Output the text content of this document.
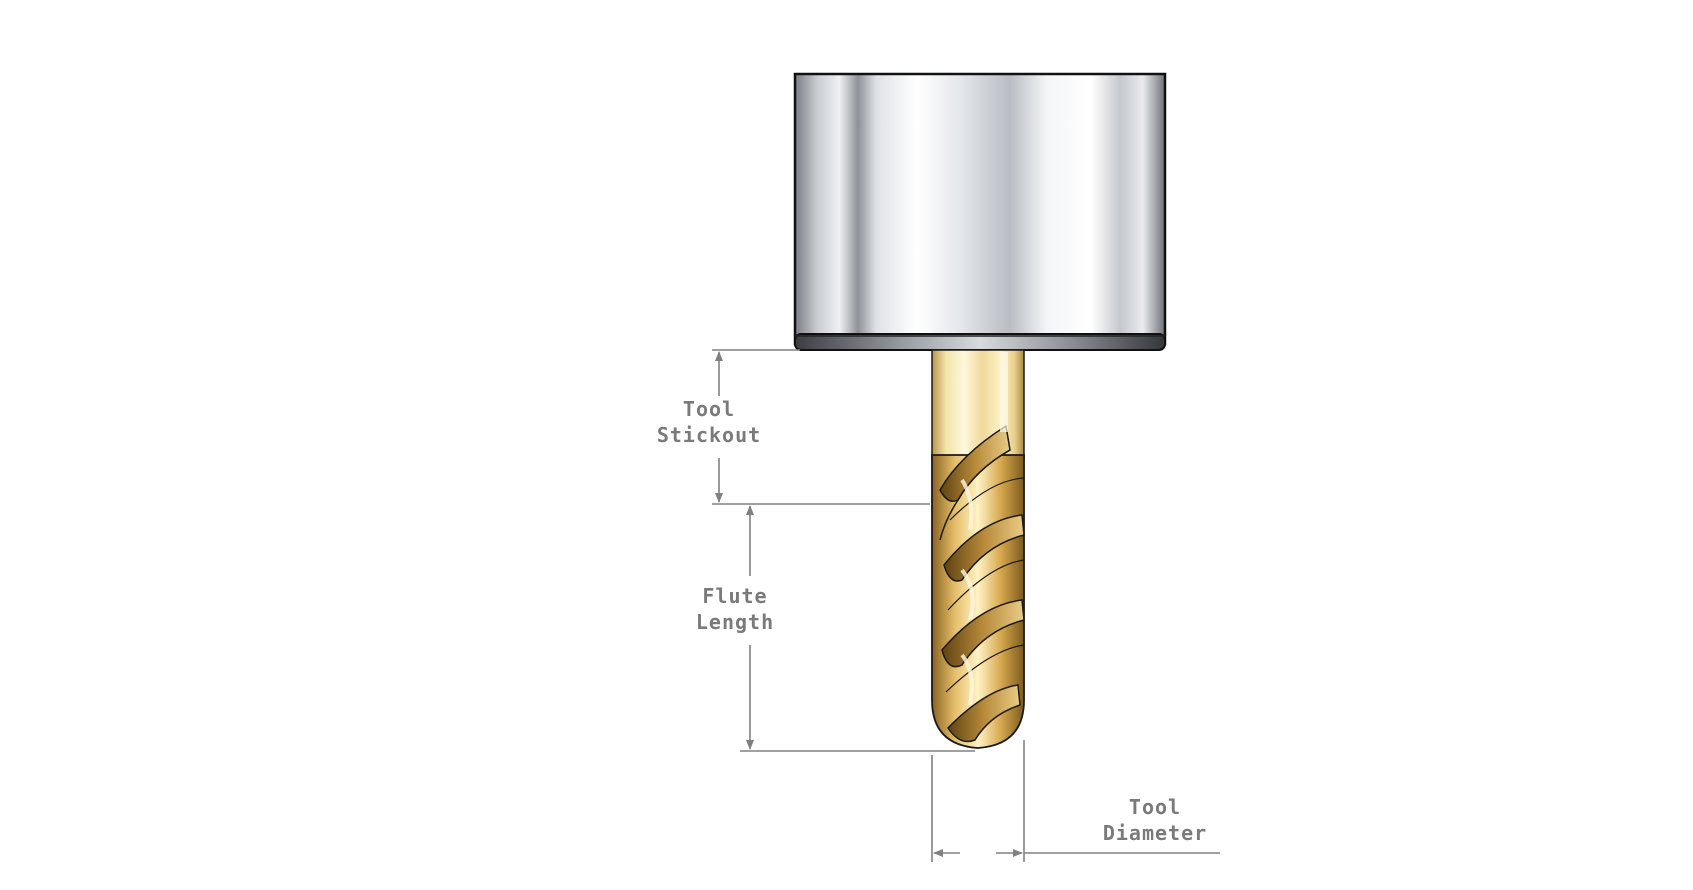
Tool
Stickout
Flute
Length
Tool
Diameter
